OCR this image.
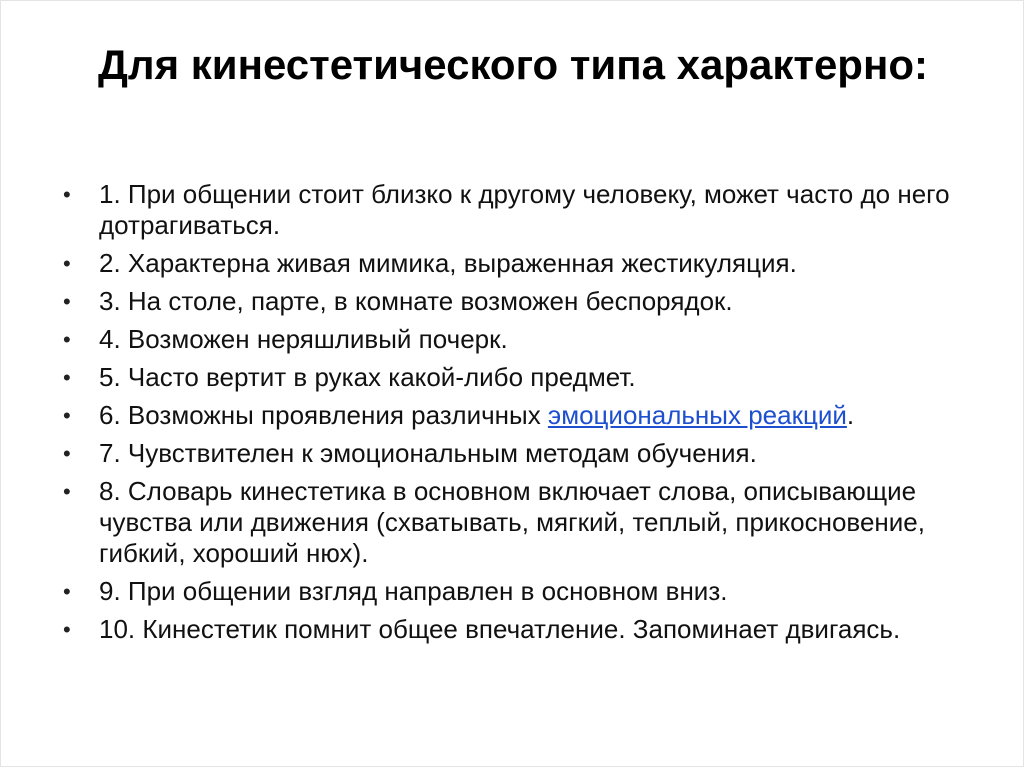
Для кинестетического типа характерно:
•	1. При общении стоит близко к другому человеку, может часто до него дотрагиваться.
•	2. Характерна живая мимика, выраженная жестикуляция.
•	3. На столе, парте, в комнате возможен беспорядок.
•	4. Возможен неряшливый почерк.
•	5. Часто вертит в руках какой-либо предмет.
•	6. Возможны проявления различных эмоциональных реакций.
•	7. Чувствителен к эмоциональным методам обучения.
•	8. Словарь кинестетика в основном включает слова, описывающие чувства или движения (схватывать, мягкий, теплый, прикосновение, гибкий, хороший нюх).
•	9. При общении взгляд направлен в основном вниз.
•	10. Кинестетик помнит общее впечатление. Запоминает двигаясь.
